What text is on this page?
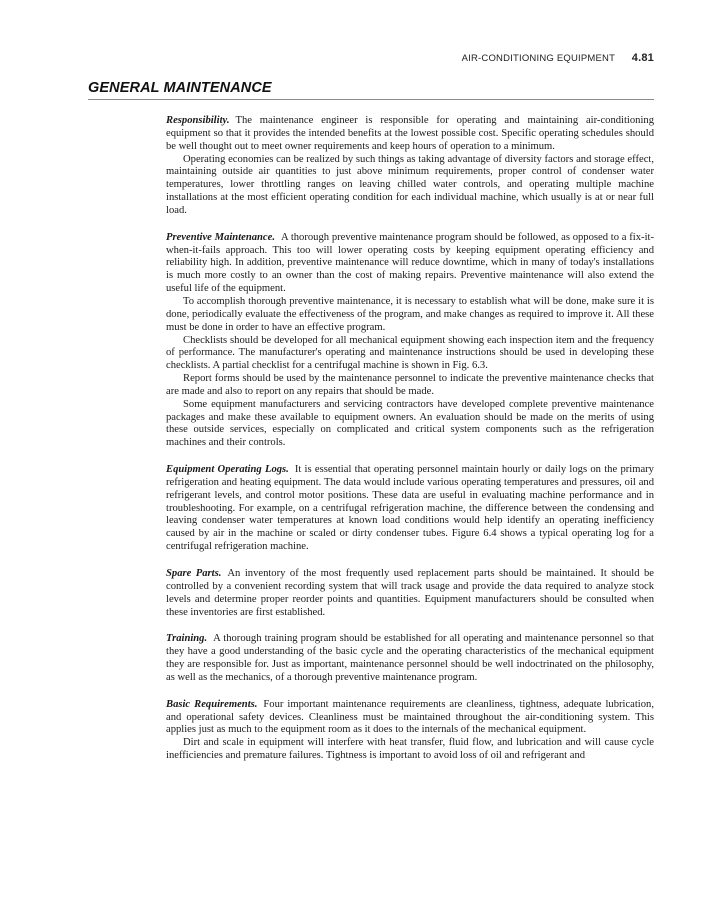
AIR-CONDITIONING EQUIPMENT 4.81
GENERAL MAINTENANCE

Responsibility. The maintenance engineer is responsible for operating and maintaining air-conditioning equipment so that it provides the intended benefits at the lowest possible cost. Specific operating schedules should be well thought out to meet owner requirements and keep hours of operation to a minimum.

Operating economies can be realized by such things as taking advantage of diversity factors and storage effect, maintaining outside air quantities to just above minimum requirements, proper control of condenser water temperatures, lower throttling ranges on leaving chilled water controls, and operating multiple machine installations at the most efficient operating condition for each individual machine, which usually is at or near full load.

Preventive Maintenance. A thorough preventive maintenance program should be followed, as opposed to a fix-it-when-it-fails approach. This too will lower operating costs by keeping equipment operating efficiency and reliability high. In addition, preventive maintenance will reduce downtime, which in many of today's installations is much more costly to an owner than the cost of making repairs. Preventive maintenance will also extend the useful life of the equipment.

To accomplish thorough preventive maintenance, it is necessary to establish what will be done, make sure it is done, periodically evaluate the effectiveness of the program, and make changes as required to improve it. All these must be done in order to have an effective program.

Checklists should be developed for all mechanical equipment showing each inspection item and the frequency of performance. The manufacturer's operating and maintenance instructions should be used in developing these checklists. A partial checklist for a centrifugal machine is shown in Fig. 6.3.

Report forms should be used by the maintenance personnel to indicate the preventive maintenance checks that are made and also to report on any repairs that should be made.

Some equipment manufacturers and servicing contractors have developed complete preventive maintenance packages and make these available to equipment owners. An evaluation should be made on the merits of using these outside services, especially on complicated and critical system components such as the refrigeration machines and their controls.

Equipment Operating Logs. It is essential that operating personnel maintain hourly or daily logs on the primary refrigeration and heating equipment. The data would include various operating temperatures and pressures, oil and refrigerant levels, and control motor positions. These data are useful in evaluating machine performance and in troubleshooting. For example, on a centrifugal refrigeration machine, the difference between the condensing and leaving condenser water temperatures at known load conditions would help identify an operating inefficiency caused by air in the machine or scaled or dirty condenser tubes. Figure 6.4 shows a typical operating log for a centrifugal refrigeration machine.

Spare Parts. An inventory of the most frequently used replacement parts should be maintained. It should be controlled by a convenient recording system that will track usage and provide the data required to analyze stock levels and determine proper reorder points and quantities. Equipment manufacturers should be consulted when these inventories are first established.

Training. A thorough training program should be established for all operating and maintenance personnel so that they have a good understanding of the basic cycle and the operating characteristics of the mechanical equipment they are responsible for. Just as important, maintenance personnel should be well indoctrinated on the philosophy, as well as the mechanics, of a thorough preventive maintenance program.

Basic Requirements. Four important maintenance requirements are cleanliness, tightness, adequate lubrication, and operational safety devices. Cleanliness must be maintained throughout the air-conditioning system. This applies just as much to the equipment room as it does to the internals of the mechanical equipment.

Dirt and scale in equipment will interfere with heat transfer, fluid flow, and lubrication and will cause cycle inefficiencies and premature failures. Tightness is important to avoid loss of oil and refrigerant and
